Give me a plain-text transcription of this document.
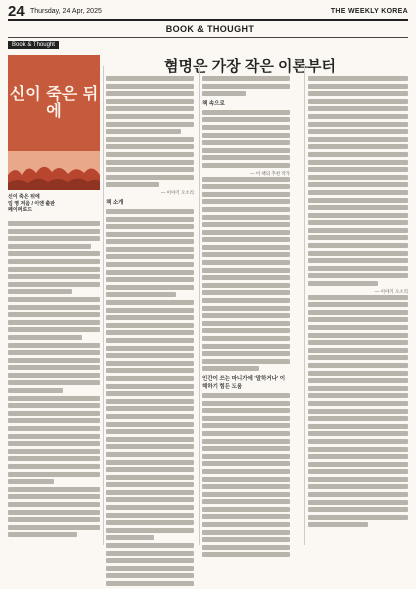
24 Thursday, 24 Apr, 2025	THE WEEKLY KOREA
BOOK & THOUGHT
Book & Thought
혐명은 가장 작은 이론부터
신이 죽은 뒤에
신이 죽은 뒤에
임 영 저음 / 이엔 출판
페이퍼로드
— 이야기 오소리
책 소개
책 속으로
— 이 책의 추천 작가
인간이 쓰는 마니가에 '말하거나' 이해하기 힘든 도움
— 이야기 오소리
